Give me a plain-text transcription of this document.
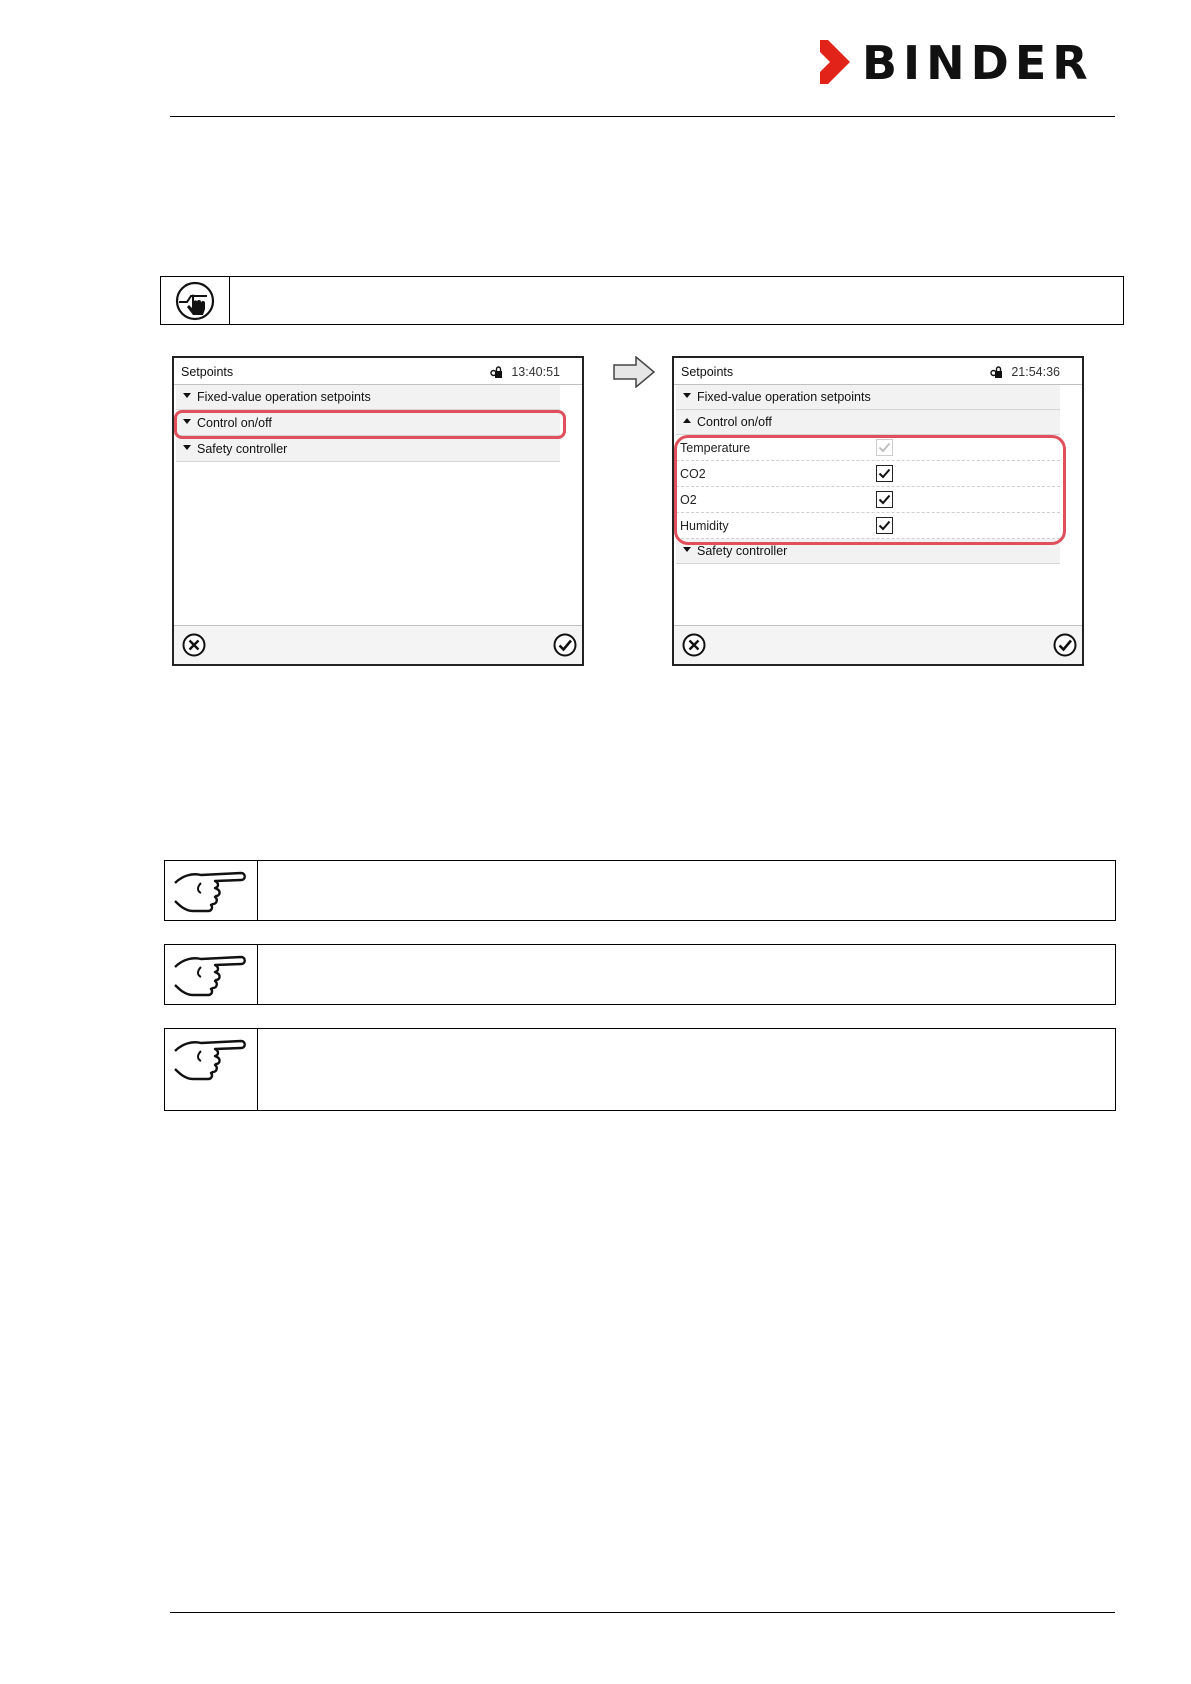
BINDER
Setpoints	13:40:51
Fixed-value operation setpoints
Control on/off
Safety controller
Setpoints	21:54:36
Fixed-value operation setpoints
Control on/off
Temperature
CO2
O2
Humidity
Safety controller
